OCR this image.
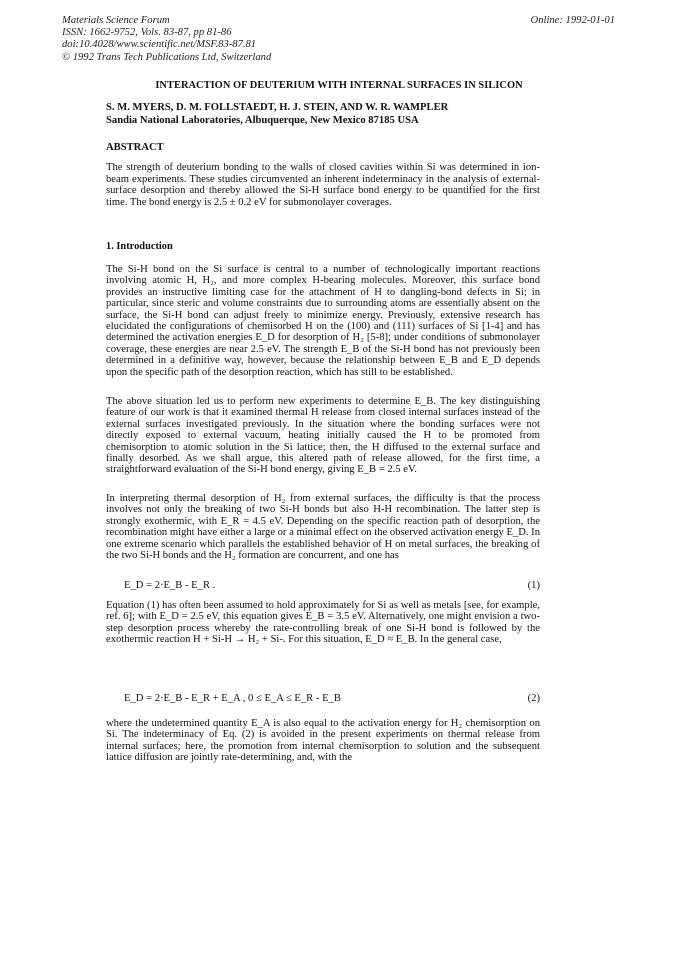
Materials Science Forum
ISSN: 1662-9752, Vols. 83-87, pp 81-86
doi:10.4028/www.scientific.net/MSF.83-87.81
© 1992 Trans Tech Publications Ltd, Switzerland
Online: 1992-01-01
INTERACTION OF DEUTERIUM WITH INTERNAL SURFACES IN SILICON
S. M. MYERS, D. M. FOLLSTAEDT, H. J. STEIN, AND W. R. WAMPLER
Sandia National Laboratories, Albuquerque, New Mexico 87185 USA
ABSTRACT
The strength of deuterium bonding to the walls of closed cavities within Si was determined in ion-beam experiments. These studies circumvented an inherent indeterminacy in the analysis of external-surface desorption and thereby allowed the Si-H surface bond energy to be quantified for the first time. The bond energy is 2.5 ± 0.2 eV for submonolayer coverages.
1. Introduction
The Si-H bond on the Si surface is central to a number of technologically important reactions involving atomic H, H₂, and more complex H-bearing molecules. Moreover, this surface bond provides an instructive limiting case for the attachment of H to dangling-bond defects in Si; in particular, since steric and volume constraints due to surrounding atoms are essentially absent on the surface, the Si-H bond can adjust freely to minimize energy. Previously, extensive research has elucidated the configurations of chemisorbed H on the (100) and (111) surfaces of Si [1-4] and has determined the activation energies E_D for desorption of H₂ [5-8]; under conditions of submonolayer coverage, these energies are near 2.5 eV. The strength E_B of the Si-H bond has not previously been determined in a definitive way, however, because the relationship between E_B and E_D depends upon the specific path of the desorption reaction, which has still to be established.
The above situation led us to perform new experiments to determine E_B. The key distinguishing feature of our work is that it examined thermal H release from closed internal surfaces instead of the external surfaces investigated previously. In the situation where the bonding surfaces were not directly exposed to external vacuum, heating initially caused the H to be promoted from chemisorption to atomic solution in the Si lattice; then, the H diffused to the external surface and finally desorbed. As we shall argue, this altered path of release allowed, for the first time, a straightforward evaluation of the Si-H bond energy, giving E_B = 2.5 eV.
In interpreting thermal desorption of H₂ from external surfaces, the difficulty is that the process involves not only the breaking of two Si-H bonds but also H-H recombination. The latter step is strongly exothermic, with E_R = 4.5 eV. Depending on the specific reaction path of desorption, the recombination might have either a large or a minimal effect on the observed activation energy E_D. In one extreme scenario which parallels the established behavior of H on metal surfaces, the breaking of the two Si-H bonds and the H₂ formation are concurrent, and one has
E_D = 2·E_B - E_R .	(1)
Equation (1) has often been assumed to hold approximately for Si as well as metals [see, for example, ref. 6]; with E_D = 2.5 eV, this equation gives E_B = 3.5 eV. Alternatively, one might envision a two-step desorption process whereby the rate-controlling break of one Si-H bond is followed by the exothermic reaction H + Si-H → H₂ + Si-. For this situation, E_D ≈ E_B. In the general case,
E_D = 2·E_B - E_R + E_A , 0 ≤ E_A ≤ E_R - E_B	(2)
where the undetermined quantity E_A is also equal to the activation energy for H₂ chemisorption on Si. The indeterminacy of Eq. (2) is avoided in the present experiments on thermal release from internal surfaces; here, the promotion from internal chemisorption to solution and the subsequent lattice diffusion are jointly rate-determining, and, with the
